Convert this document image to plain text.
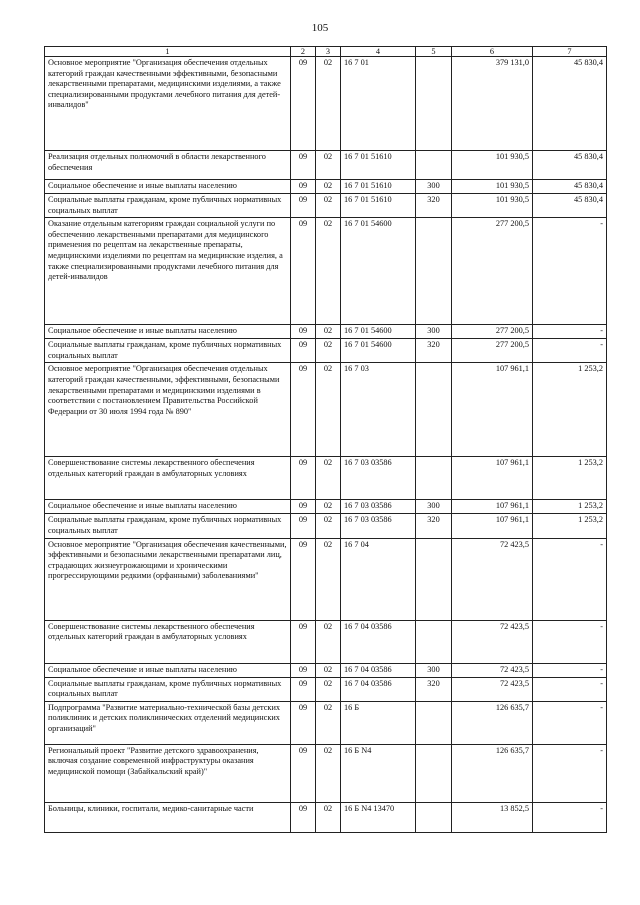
105
1	2	3	4	5	6	7
Основное мероприятие "Организация обеспечения отдельных категорий граждан качественными эффективными, безопасными лекарственными препаратами, медицинскими изделиями, а также специализированными продуктами лечебного питания для детей-инвалидов"	09	02	16 7 01		379 131,0	45 830,4
Реализация отдельных полномочий в области лекарственного обеспечения	09	02	16 7 01 51610		101 930,5	45 830,4
Социальное обеспечение и иные выплаты населению	09	02	16 7 01 51610	300	101 930,5	45 830,4
Социальные выплаты гражданам, кроме публичных нормативных социальных выплат	09	02	16 7 01 51610	320	101 930,5	45 830,4
Оказание отдельным категориям граждан социальной услуги по обеспечению лекарственными препаратами для медицинского применения по рецептам на лекарственные препараты, медицинскими изделиями по рецептам на медицинские изделия, а также специализированными продуктами лечебного питания для детей-инвалидов	09	02	16 7 01 54600		277 200,5	-
Социальное обеспечение и иные выплаты населению	09	02	16 7 01 54600	300	277 200,5	-
Социальные выплаты гражданам, кроме публичных нормативных социальных выплат	09	02	16 7 01 54600	320	277 200,5	-
Основное мероприятие "Организация обеспечения отдельных категорий граждан качественными, эффективными, безопасными лекарственными препаратами и медицинскими изделиями в соответствии с постановлением Правительства Российской Федерации от 30 июля 1994 года № 890"	09	02	16 7 03		107 961,1	1 253,2
Совершенствование системы лекарственного обеспечения отдельных категорий граждан в амбулаторных условиях	09	02	16 7 03 03586		107 961,1	1 253,2
Социальное обеспечение и иные выплаты населению	09	02	16 7 03 03586	300	107 961,1	1 253,2
Социальные выплаты гражданам, кроме публичных нормативных социальных выплат	09	02	16 7 03 03586	320	107 961,1	1 253,2
Основное мероприятие "Организация обеспечения качественными, эффективными и безопасными лекарственными препаратами лиц, страдающих жизнеугрожающими и хроническими прогрессирующими редкими (орфанными) заболеваниями"	09	02	16 7 04		72 423,5	-
Совершенствование системы лекарственного обеспечения отдельных категорий граждан в амбулаторных условиях	09	02	16 7 04 03586		72 423,5	-
Социальное обеспечение и иные выплаты населению	09	02	16 7 04 03586	300	72 423,5	-
Социальные выплаты гражданам, кроме публичных нормативных социальных выплат	09	02	16 7 04 03586	320	72 423,5	-
Подпрограмма "Развитие материально-технической базы детских поликлиник и детских поликлинических отделений медицинских организаций"	09	02	16 Б		126 635,7	-
Региональный проект "Развитие детского здравоохранения, включая создание современной инфраструктуры оказания медицинской помощи (Забайкальский край)"	09	02	16 Б N4		126 635,7	-
Больницы, клиники, госпитали, медико-санитарные части	09	02	16 Б N4 13470		13 852,5	-
